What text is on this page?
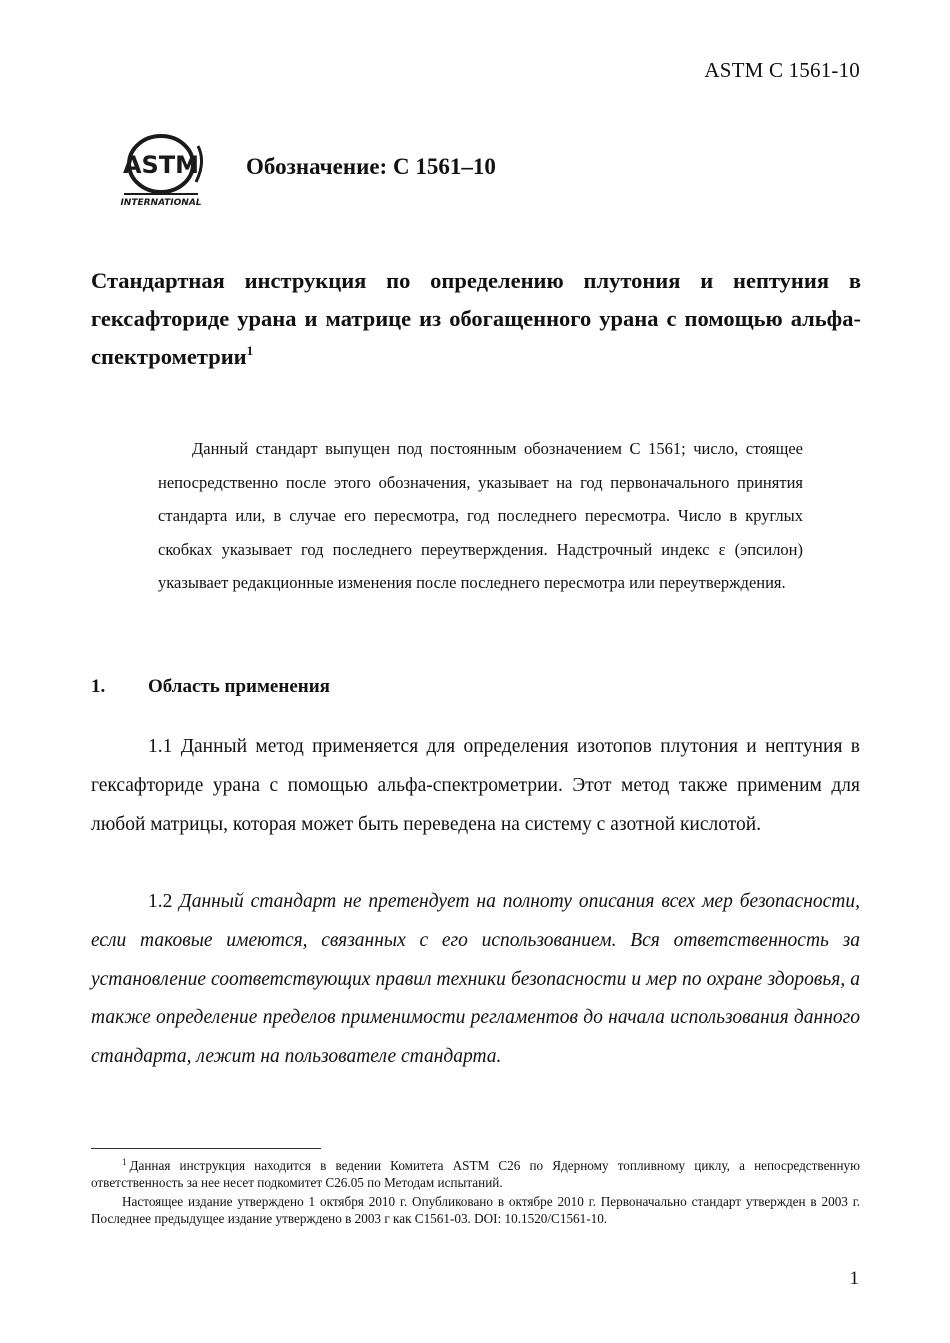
ASTM C 1561-10
ASTM
INTERNATIONAL
Обозначение: C 1561–10
Стандартная инструкция по определению плутония и нептуния в гексафториде урана и матрице из обогащенного урана с помощью альфа-спектрометрии$^1$

Данный стандарт выпущен под постоянным обозначением С 1561; число, стоящее непосредственно после этого обозначения, указывает на год первоначального принятия стандарта или, в случае его пересмотра, год последнего пересмотра. Число в круглых скобках указывает год последнего переутверждения. Надстрочный индекс ε (эпсилон) указывает редакционные изменения после последнего пересмотра или переутверждения.

1. Область применения

1.1 Данный метод применяется для определения изотопов плутония и нептуния в гексафториде урана с помощью альфа-спектрометрии. Этот метод также применим для любой матрицы, которая может быть переведена на систему с азотной кислотой.

1.2 Данный стандарт не претендует на полноту описания всех мер безопасности, если таковые имеются, связанных с его использованием. Вся ответственность за установление соответствующих правил техники безопасности и мер по охране здоровья, а также определение пределов применимости регламентов до начала использования данного стандарта, лежит на пользователе стандарта.

$^1$ Данная инструкция находится в ведении Комитета ASTM C26 по Ядерному топливному циклу, а непосредственную ответственность за нее несет подкомитет C26.05 по Методам испытаний.

Настоящее издание утверждено 1 октября 2010 г. Опубликовано в октябре 2010 г. Первоначально стандарт утвержден в 2003 г. Последнее предыдущее издание утверждено в 2003 г как C1561-03. DOI: 10.1520/C1561-10.

1
